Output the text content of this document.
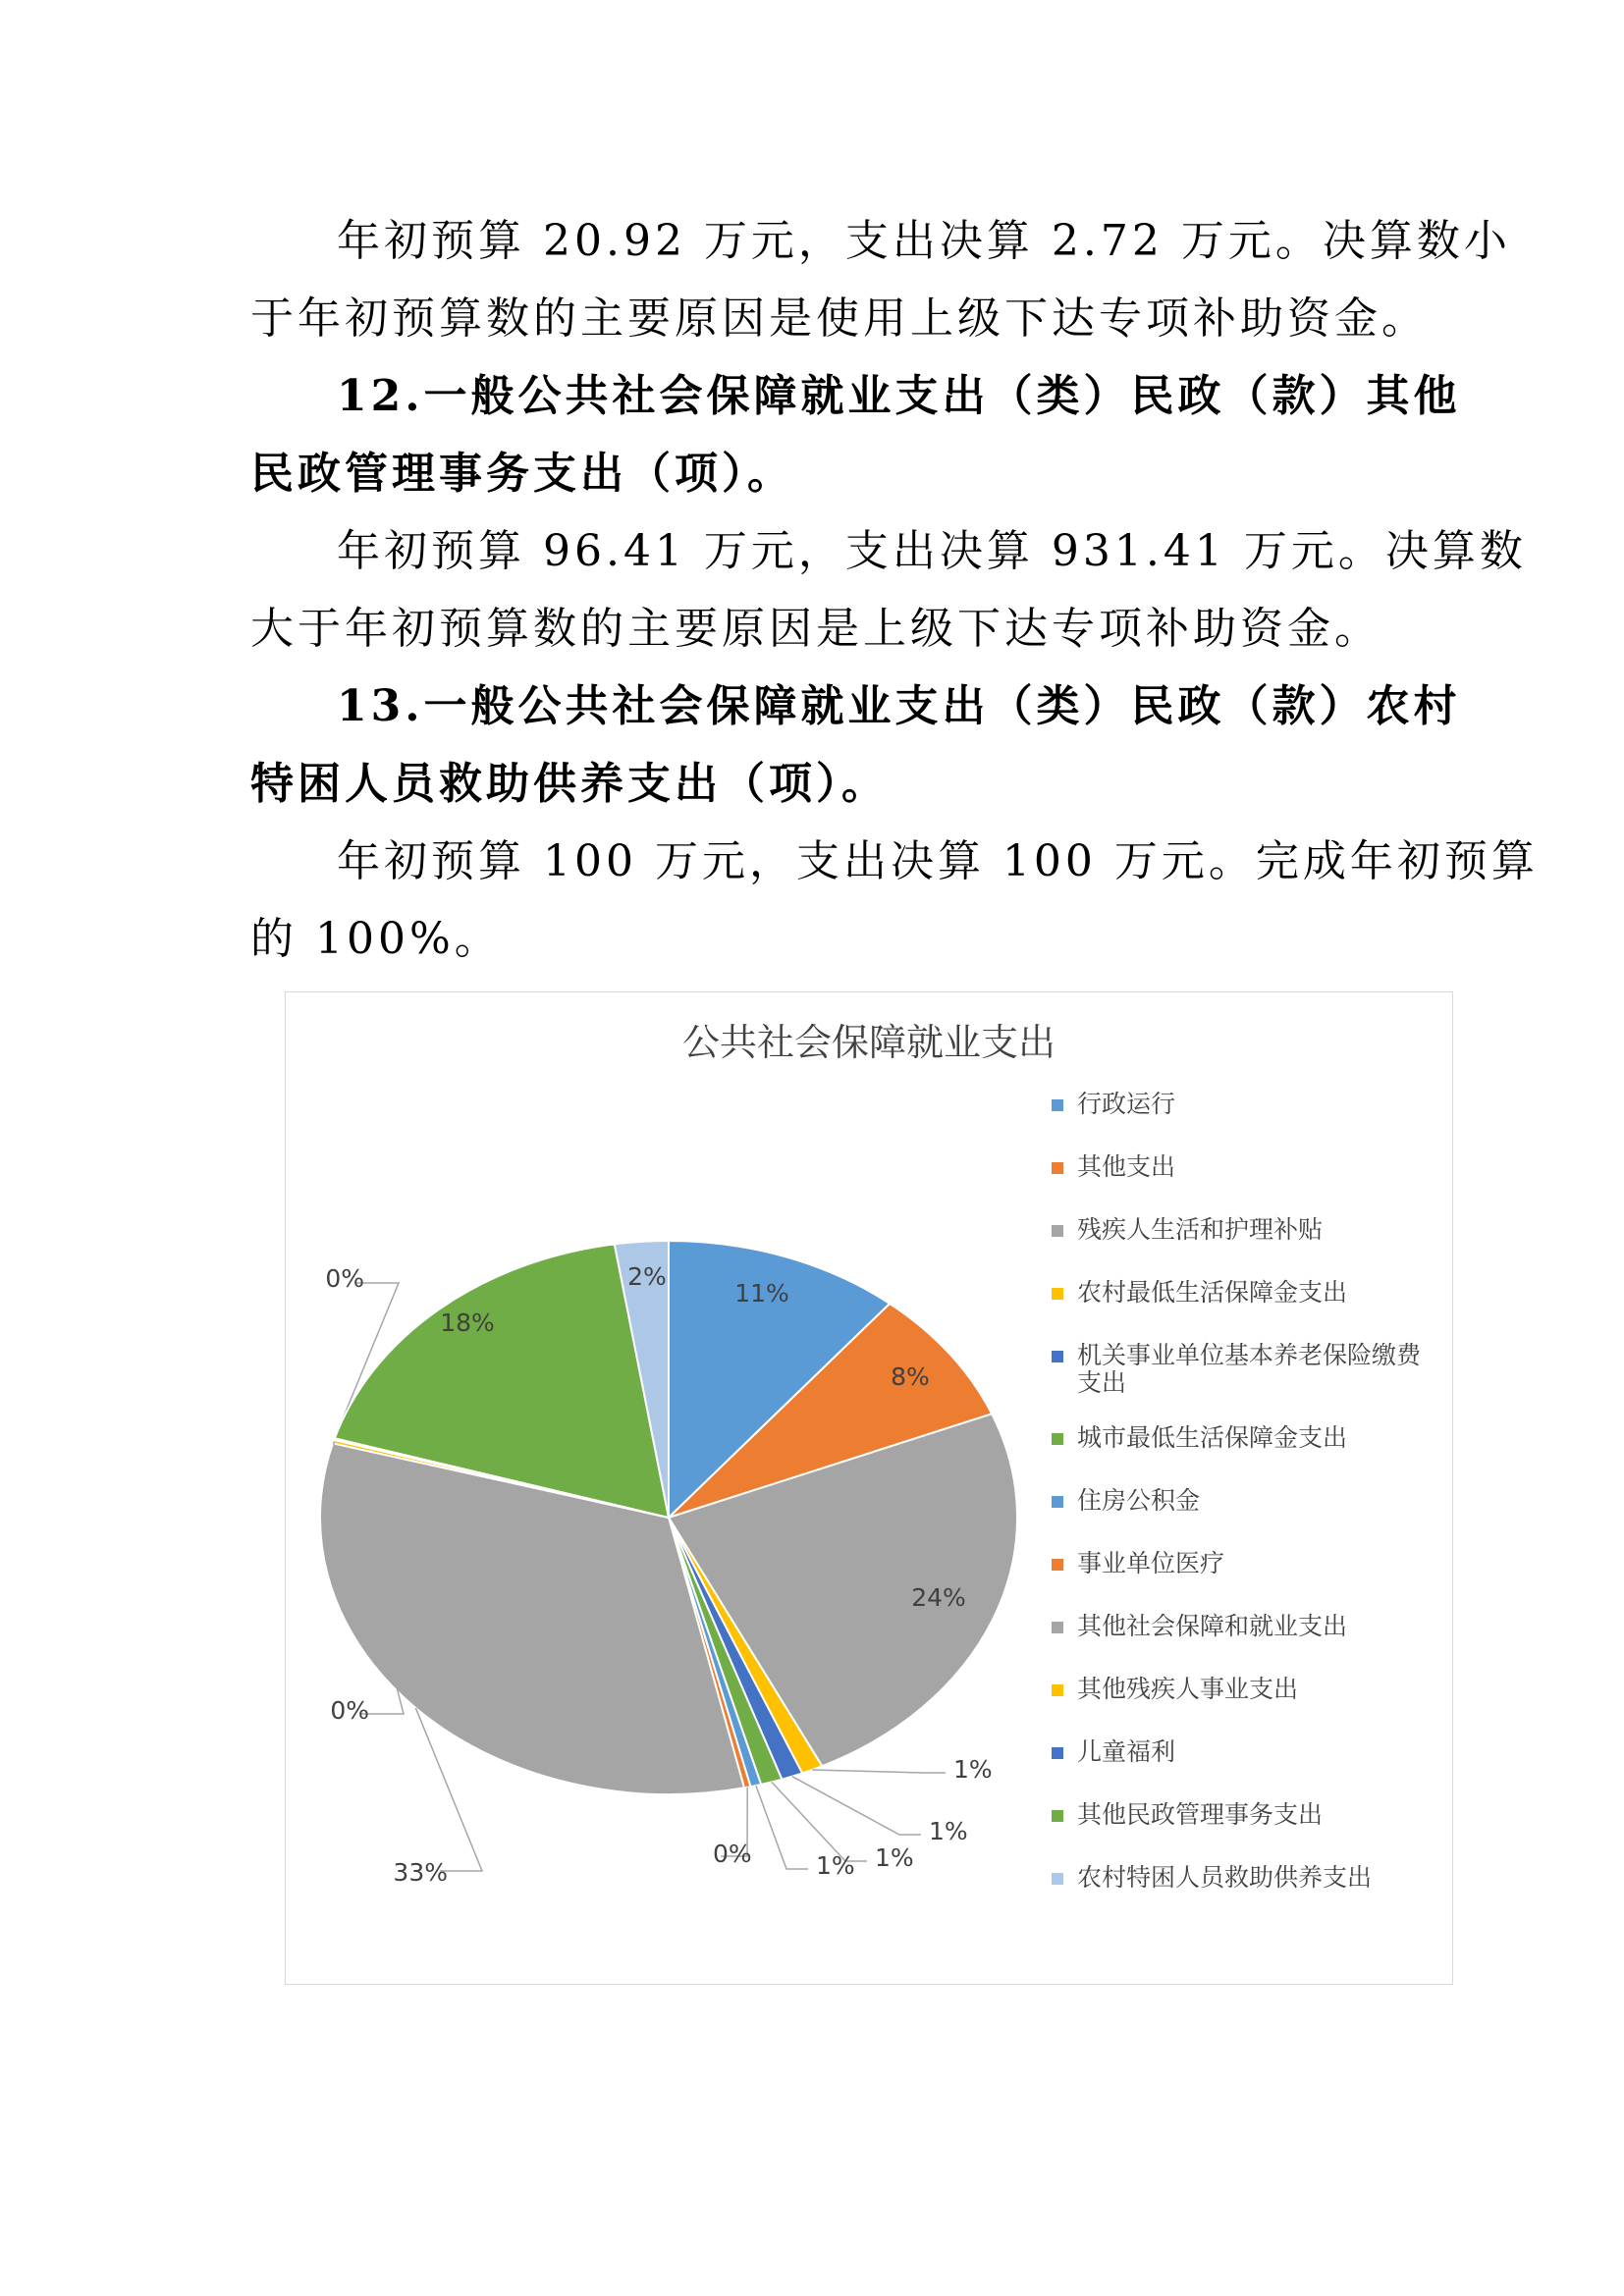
年初预算 20.92 万元，支出决算 2.72 万元。决算数小
于年初预算数的主要原因是使用上级下达专项补助资金。
12.一般公共社会保障就业支出（类）民政（款）其他
民政管理事务支出（项）。
年初预算 96.41 万元，支出决算 931.41 万元。决算数
大于年初预算数的主要原因是上级下达专项补助资金。
13.一般公共社会保障就业支出（类）民政（款）农村
特困人员救助供养支出（项）。
年初预算 100 万元，支出决算 100 万元。完成年初预算
的 100%。
公共社会保障就业支出
11%
8%
24%
1%
1%
1%
1%
0%
33%
0%
0%
18%
2%
行政运行
其他支出
残疾人生活和护理补贴
农村最低生活保障金支出
机关事业单位基本养老保险缴费支出
城市最低生活保障金支出
住房公积金
事业单位医疗
其他社会保障和就业支出
其他残疾人事业支出
儿童福利
其他民政管理事务支出
农村特困人员救助供养支出
